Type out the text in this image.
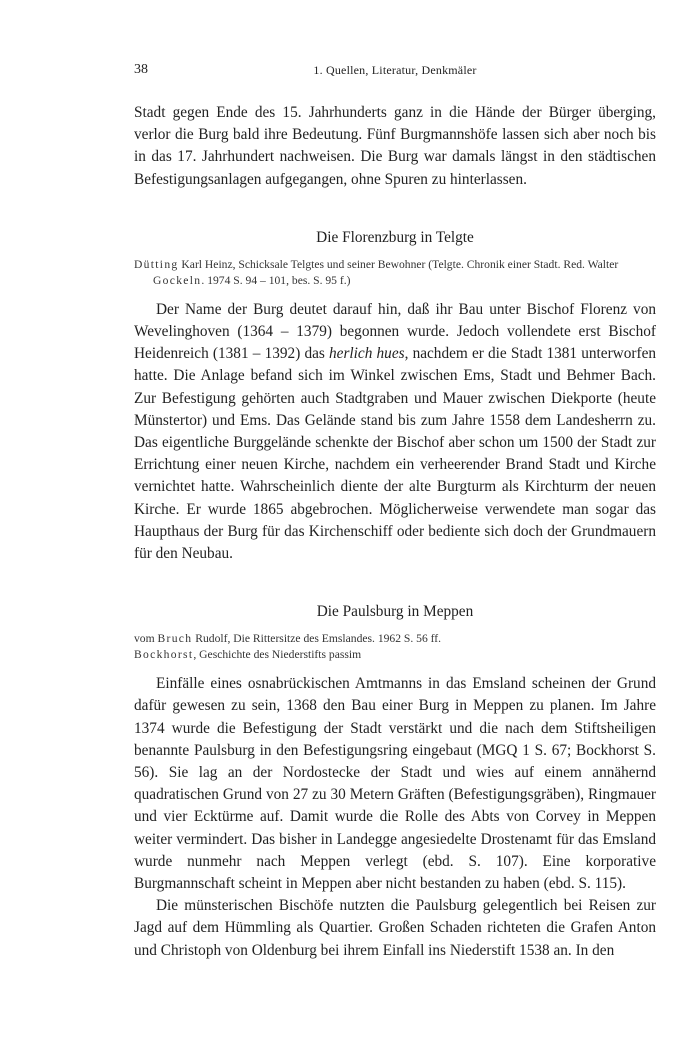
38	1. Quellen, Literatur, Denkmäler

Stadt gegen Ende des 15. Jahrhunderts ganz in die Hände der Bürger überging, verlor die Burg bald ihre Bedeutung. Fünf Burgmannshöfe lassen sich aber noch bis in das 17. Jahrhundert nachweisen. Die Burg war damals längst in den städtischen Befestigungsanlagen aufgegangen, ohne Spuren zu hinterlassen.

Die Florenzburg in Telgte
Dütting Karl Heinz, Schicksale Telgtes und seiner Bewohner (Telgte. Chronik einer Stadt. Red. Walter Gockeln. 1974 S. 94 – 101, bes. S. 95 f.)

Der Name der Burg deutet darauf hin, daß ihr Bau unter Bischof Florenz von Wevelinghoven (1364 – 1379) begonnen wurde. Jedoch vollendete erst Bischof Heidenreich (1381 – 1392) das herlich hues, nachdem er die Stadt 1381 unterworfen hatte. Die Anlage befand sich im Winkel zwischen Ems, Stadt und Behmer Bach. Zur Befestigung gehörten auch Stadtgraben und Mauer zwischen Diekporte (heute Münstertor) und Ems. Das Gelände stand bis zum Jahre 1558 dem Landesherrn zu. Das eigentliche Burggelände schenkte der Bischof aber schon um 1500 der Stadt zur Errichtung einer neuen Kirche, nachdem ein verheerender Brand Stadt und Kirche vernichtet hatte. Wahrscheinlich diente der alte Burgturm als Kirchturm der neuen Kirche. Er wurde 1865 abgebrochen. Möglicherweise verwendete man sogar das Haupthaus der Burg für das Kirchenschiff oder bediente sich doch der Grundmauern für den Neubau.

Die Paulsburg in Meppen
vom Bruch Rudolf, Die Rittersitze des Emslandes. 1962 S. 56 ff.
Bockhorst, Geschichte des Niederstifts passim

Einfälle eines osnabrückischen Amtmanns in das Emsland scheinen der Grund dafür gewesen zu sein, 1368 den Bau einer Burg in Meppen zu planen. Im Jahre 1374 wurde die Befestigung der Stadt verstärkt und die nach dem Stiftsheiligen benannte Paulsburg in den Befestigungsring eingebaut (MGQ 1 S. 67; Bockhorst S. 56). Sie lag an der Nordostecke der Stadt und wies auf einem annähernd quadratischen Grund von 27 zu 30 Metern Gräften (Befestigungsgräben), Ringmauer und vier Ecktürme auf. Damit wurde die Rolle des Abts von Corvey in Meppen weiter vermindert. Das bisher in Landegge angesiedelte Drostenamt für das Emsland wurde nunmehr nach Meppen verlegt (ebd. S. 107). Eine korporative Burgmannschaft scheint in Meppen aber nicht bestanden zu haben (ebd. S. 115).

Die münsterischen Bischöfe nutzten die Paulsburg gelegentlich bei Reisen zur Jagd auf dem Hümmling als Quartier. Großen Schaden richteten die Grafen Anton und Christoph von Oldenburg bei ihrem Einfall ins Niederstift 1538 an. In den
